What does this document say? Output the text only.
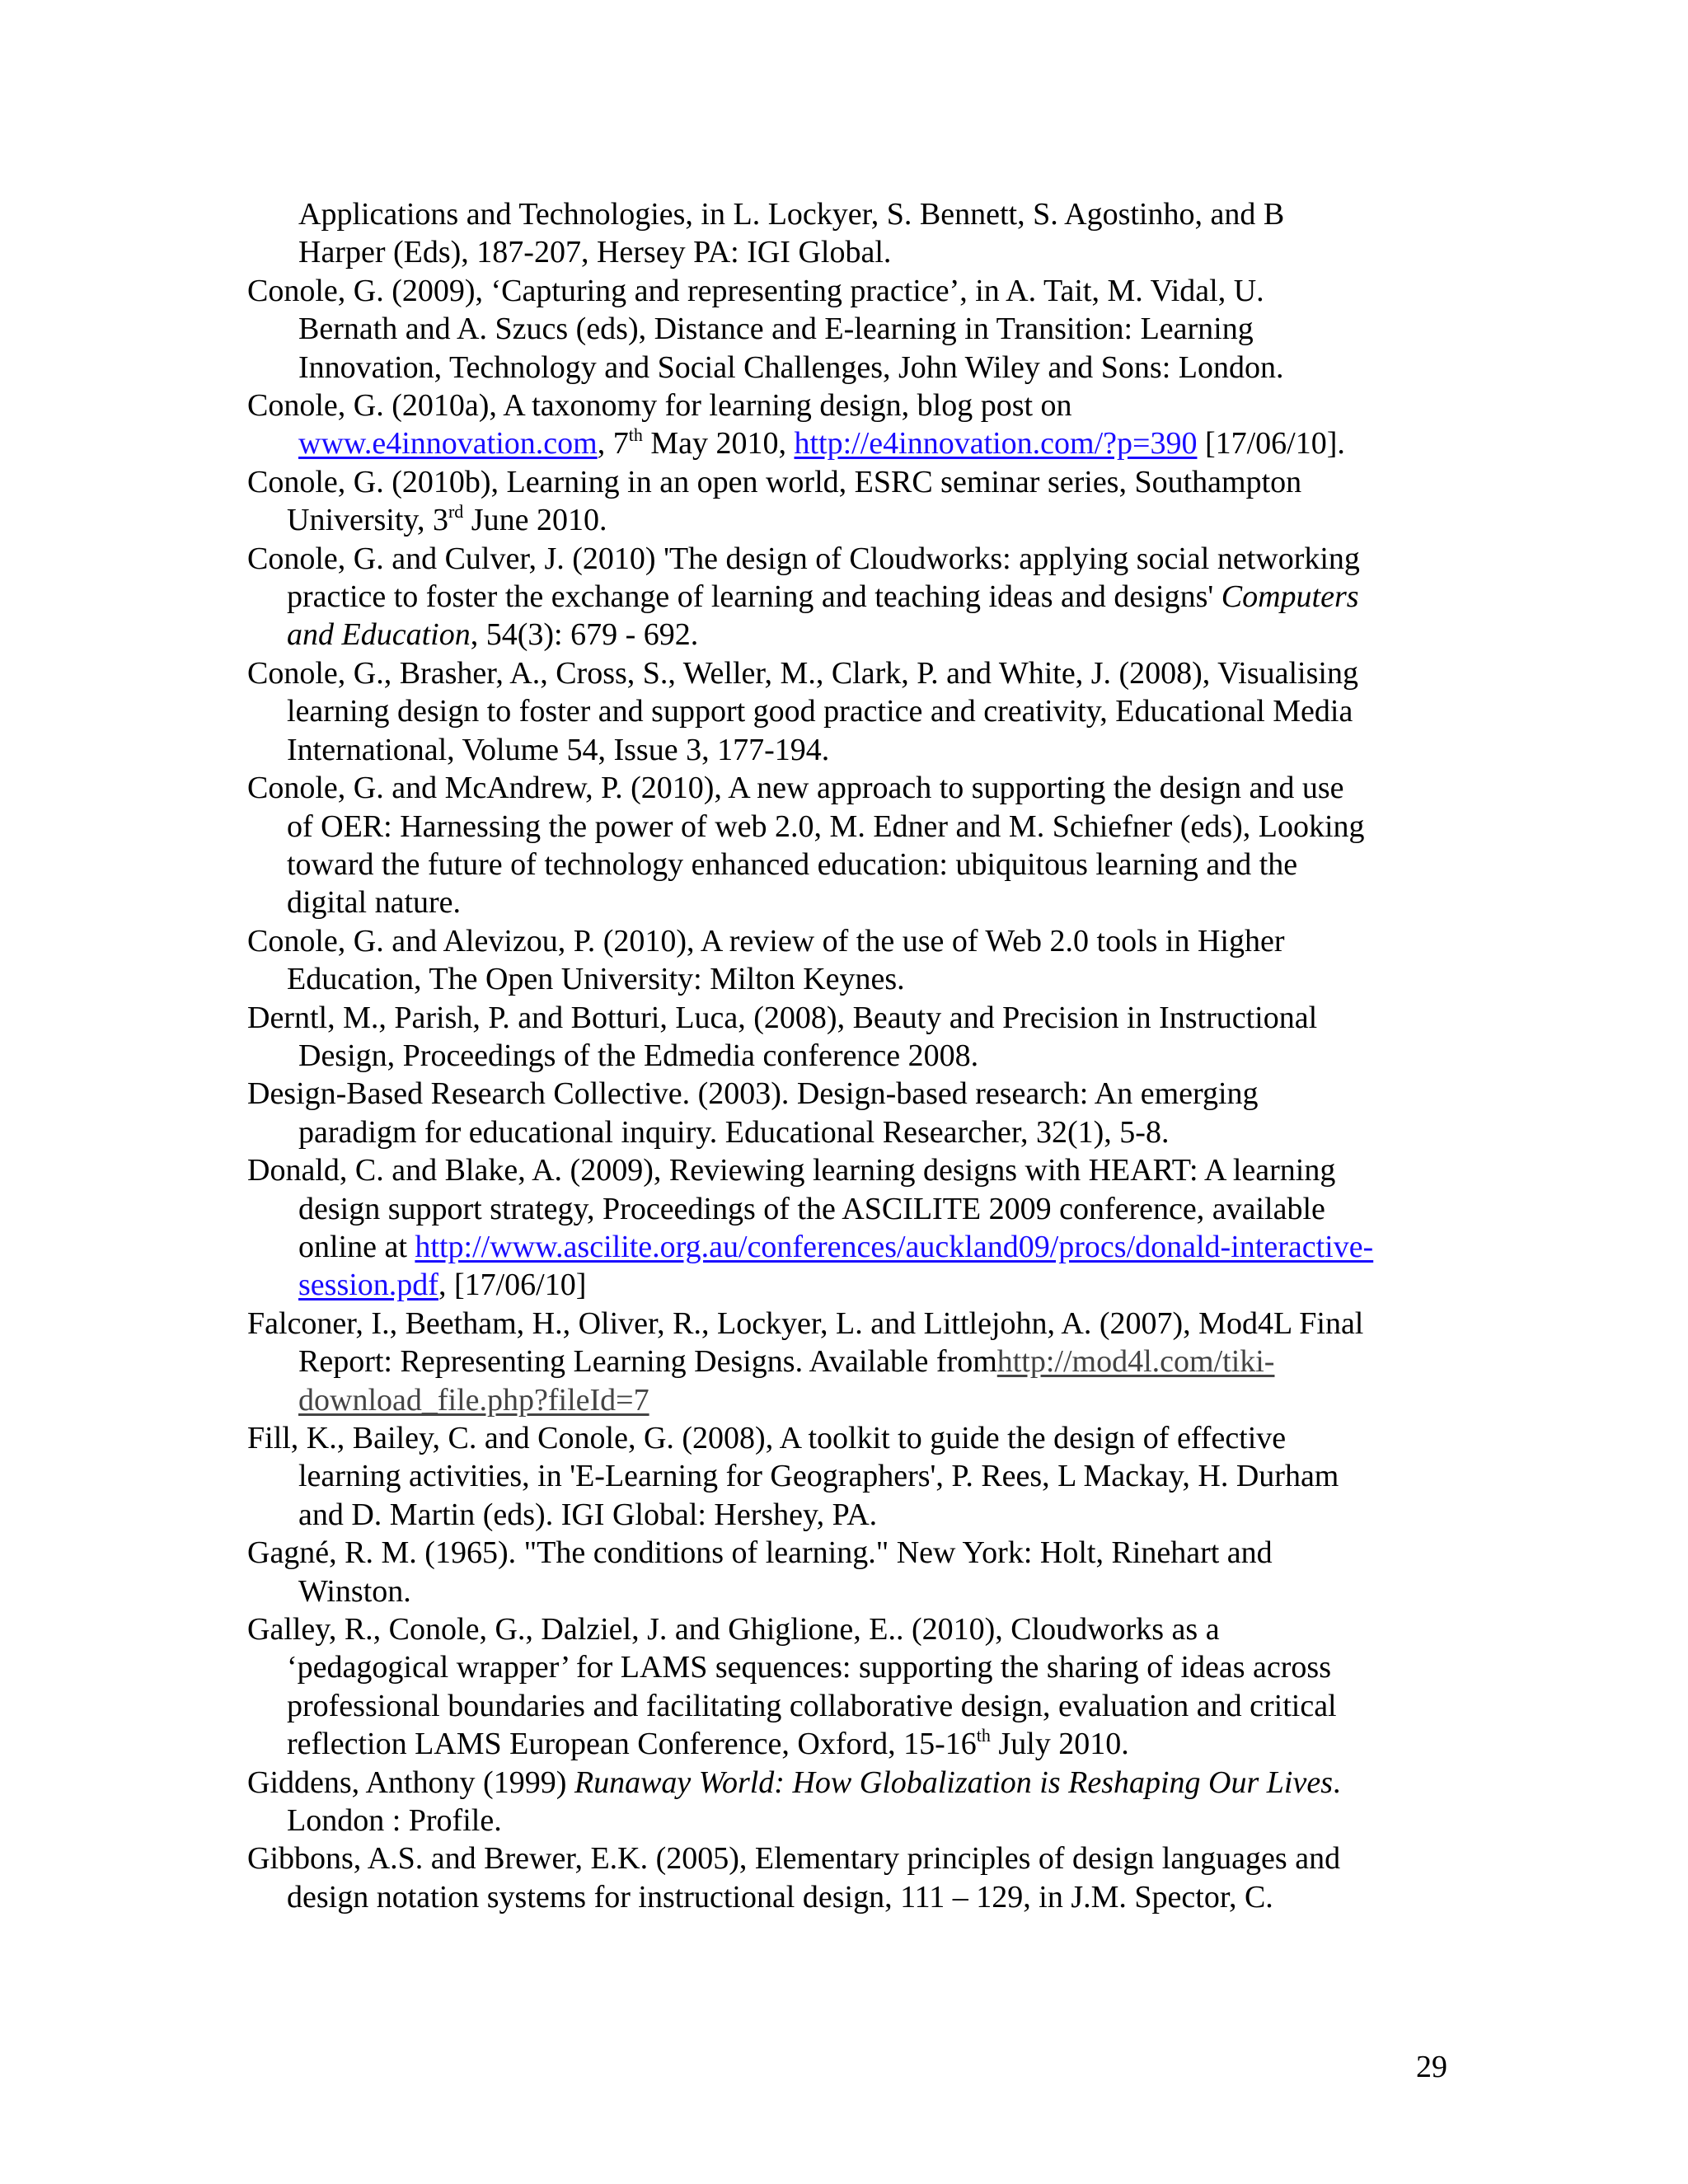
Applications and Technologies, in L. Lockyer, S. Bennett, S. Agostinho, and B
Harper (Eds), 187-207, Hersey PA: IGI Global.
Conole, G. (2009), ‘Capturing and representing practice’, in A. Tait, M. Vidal, U.
Bernath and A. Szucs (eds), Distance and E-learning in Transition: Learning
Innovation, Technology and Social Challenges, John Wiley and Sons: London.
Conole, G. (2010a), A taxonomy for learning design, blog post on
www.e4innovation.com, 7th May 2010, http://e4innovation.com/?p=390 [17/06/10].
Conole, G. (2010b), Learning in an open world, ESRC seminar series, Southampton
University, 3rd June 2010.
Conole, G. and Culver, J. (2010) 'The design of Cloudworks: applying social networking
practice to foster the exchange of learning and teaching ideas and designs' Computers
and Education, 54(3): 679 - 692.
Conole, G., Brasher, A., Cross, S., Weller, M., Clark, P. and White, J. (2008), Visualising
learning design to foster and support good practice and creativity, Educational Media
International, Volume 54, Issue 3, 177-194.
Conole, G. and McAndrew, P. (2010), A new approach to supporting the design and use
of OER: Harnessing the power of web 2.0, M. Edner and M. Schiefner (eds), Looking
toward the future of technology enhanced education: ubiquitous learning and the
digital nature.
Conole, G. and Alevizou, P. (2010), A review of the use of Web 2.0 tools in Higher
Education, The Open University: Milton Keynes.
Derntl, M., Parish, P. and Botturi, Luca, (2008), Beauty and Precision in Instructional
Design, Proceedings of the Edmedia conference 2008.
Design-Based Research Collective. (2003). Design-based research: An emerging
paradigm for educational inquiry. Educational Researcher, 32(1), 5-8.
Donald, C. and Blake, A. (2009), Reviewing learning designs with HEART: A learning
design support strategy, Proceedings of the ASCILITE 2009 conference, available
online at http://www.ascilite.org.au/conferences/auckland09/procs/donald-interactive-
session.pdf, [17/06/10]
Falconer, I., Beetham, H., Oliver, R., Lockyer, L. and Littlejohn, A. (2007), Mod4L Final
Report: Representing Learning Designs. Available fromhttp://mod4l.com/tiki-
download_file.php?fileId=7
Fill, K., Bailey, C. and Conole, G. (2008), A toolkit to guide the design of effective
learning activities, in 'E-Learning for Geographers', P. Rees, L Mackay, H. Durham
and D. Martin (eds). IGI Global: Hershey, PA.
Gagné, R. M. (1965). "The conditions of learning." New York: Holt, Rinehart and
Winston.
Galley, R., Conole, G., Dalziel, J. and Ghiglione, E.. (2010), Cloudworks as a
‘pedagogical wrapper’ for LAMS sequences: supporting the sharing of ideas across
professional boundaries and facilitating collaborative design, evaluation and critical
reflection LAMS European Conference, Oxford, 15-16th July 2010.
Giddens, Anthony (1999) Runaway World: How Globalization is Reshaping Our Lives.
London : Profile.
Gibbons, A.S. and Brewer, E.K. (2005), Elementary principles of design languages and
design notation systems for instructional design, 111 – 129, in J.M. Spector, C.
29
